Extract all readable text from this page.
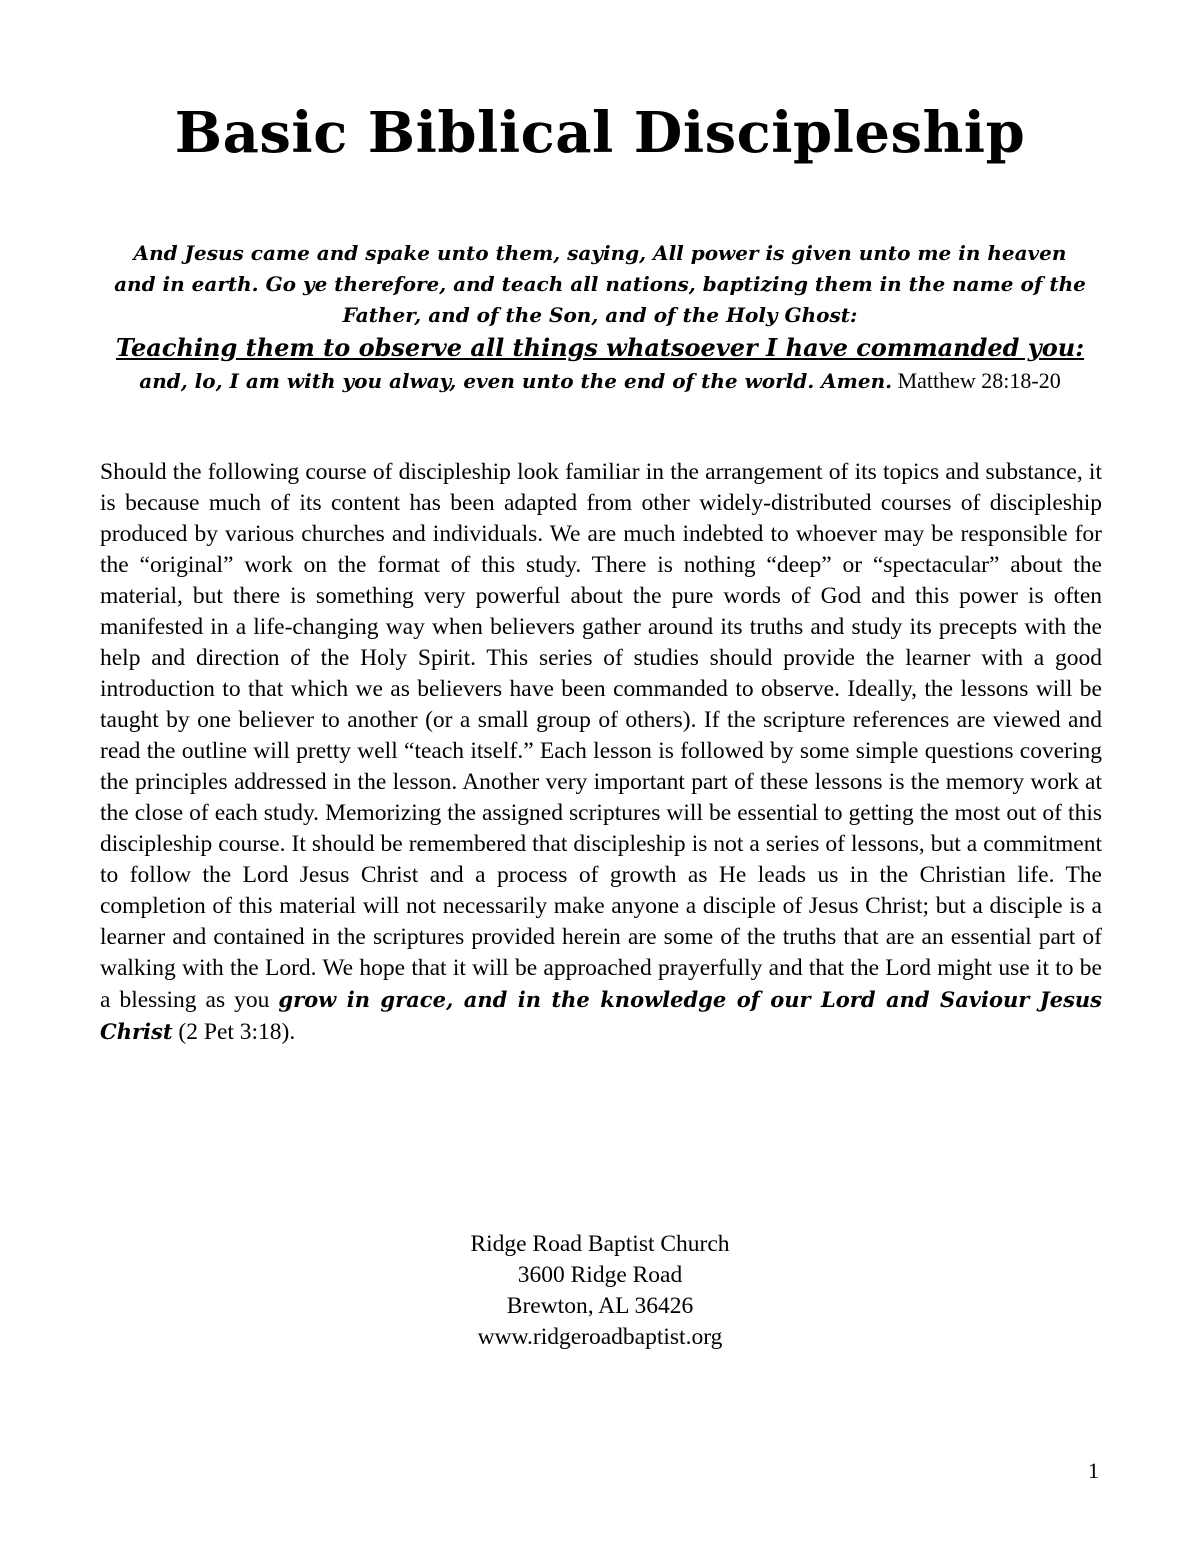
Basic Biblical Discipleship
And Jesus came and spake unto them, saying, All power is given unto me in heaven
and in earth. Go ye therefore, and teach all nations, baptizing them in the name of the
Father, and of the Son, and of the Holy Ghost:
Teaching them to observe all things whatsoever I have commanded you:
and, lo, I am with you alway, even unto the end of the world. Amen. Matthew 28:18-20

Should the following course of discipleship look familiar in the arrangement of its topics and substance, it is because much of its content has been adapted from other widely-distributed courses of discipleship produced by various churches and individuals. We are much indebted to whoever may be responsible for the “original” work on the format of this study. There is nothing “deep” or “spectacular” about the material, but there is something very powerful about the pure words of God and this power is often manifested in a life-changing way when believers gather around its truths and study its precepts with the help and direction of the Holy Spirit. This series of studies should provide the learner with a good introduction to that which we as believers have been commanded to observe. Ideally, the lessons will be taught by one believer to another (or a small group of others). If the scripture references are viewed and read the outline will pretty well “teach itself.” Each lesson is followed by some simple questions covering the principles addressed in the lesson. Another very important part of these lessons is the memory work at the close of each study. Memorizing the assigned scriptures will be essential to getting the most out of this discipleship course. It should be remembered that discipleship is not a series of lessons, but a commitment to follow the Lord Jesus Christ and a process of growth as He leads us in the Christian life. The completion of this material will not necessarily make anyone a disciple of Jesus Christ; but a disciple is a learner and contained in the scriptures provided herein are some of the truths that are an essential part of walking with the Lord. We hope that it will be approached prayerfully and that the Lord might use it to be a blessing as you grow in grace, and in the knowledge of our Lord and Saviour Jesus Christ (2 Pet 3:18).

Ridge Road Baptist Church
3600 Ridge Road
Brewton, AL 36426
www.ridgeroadbaptist.org
1
